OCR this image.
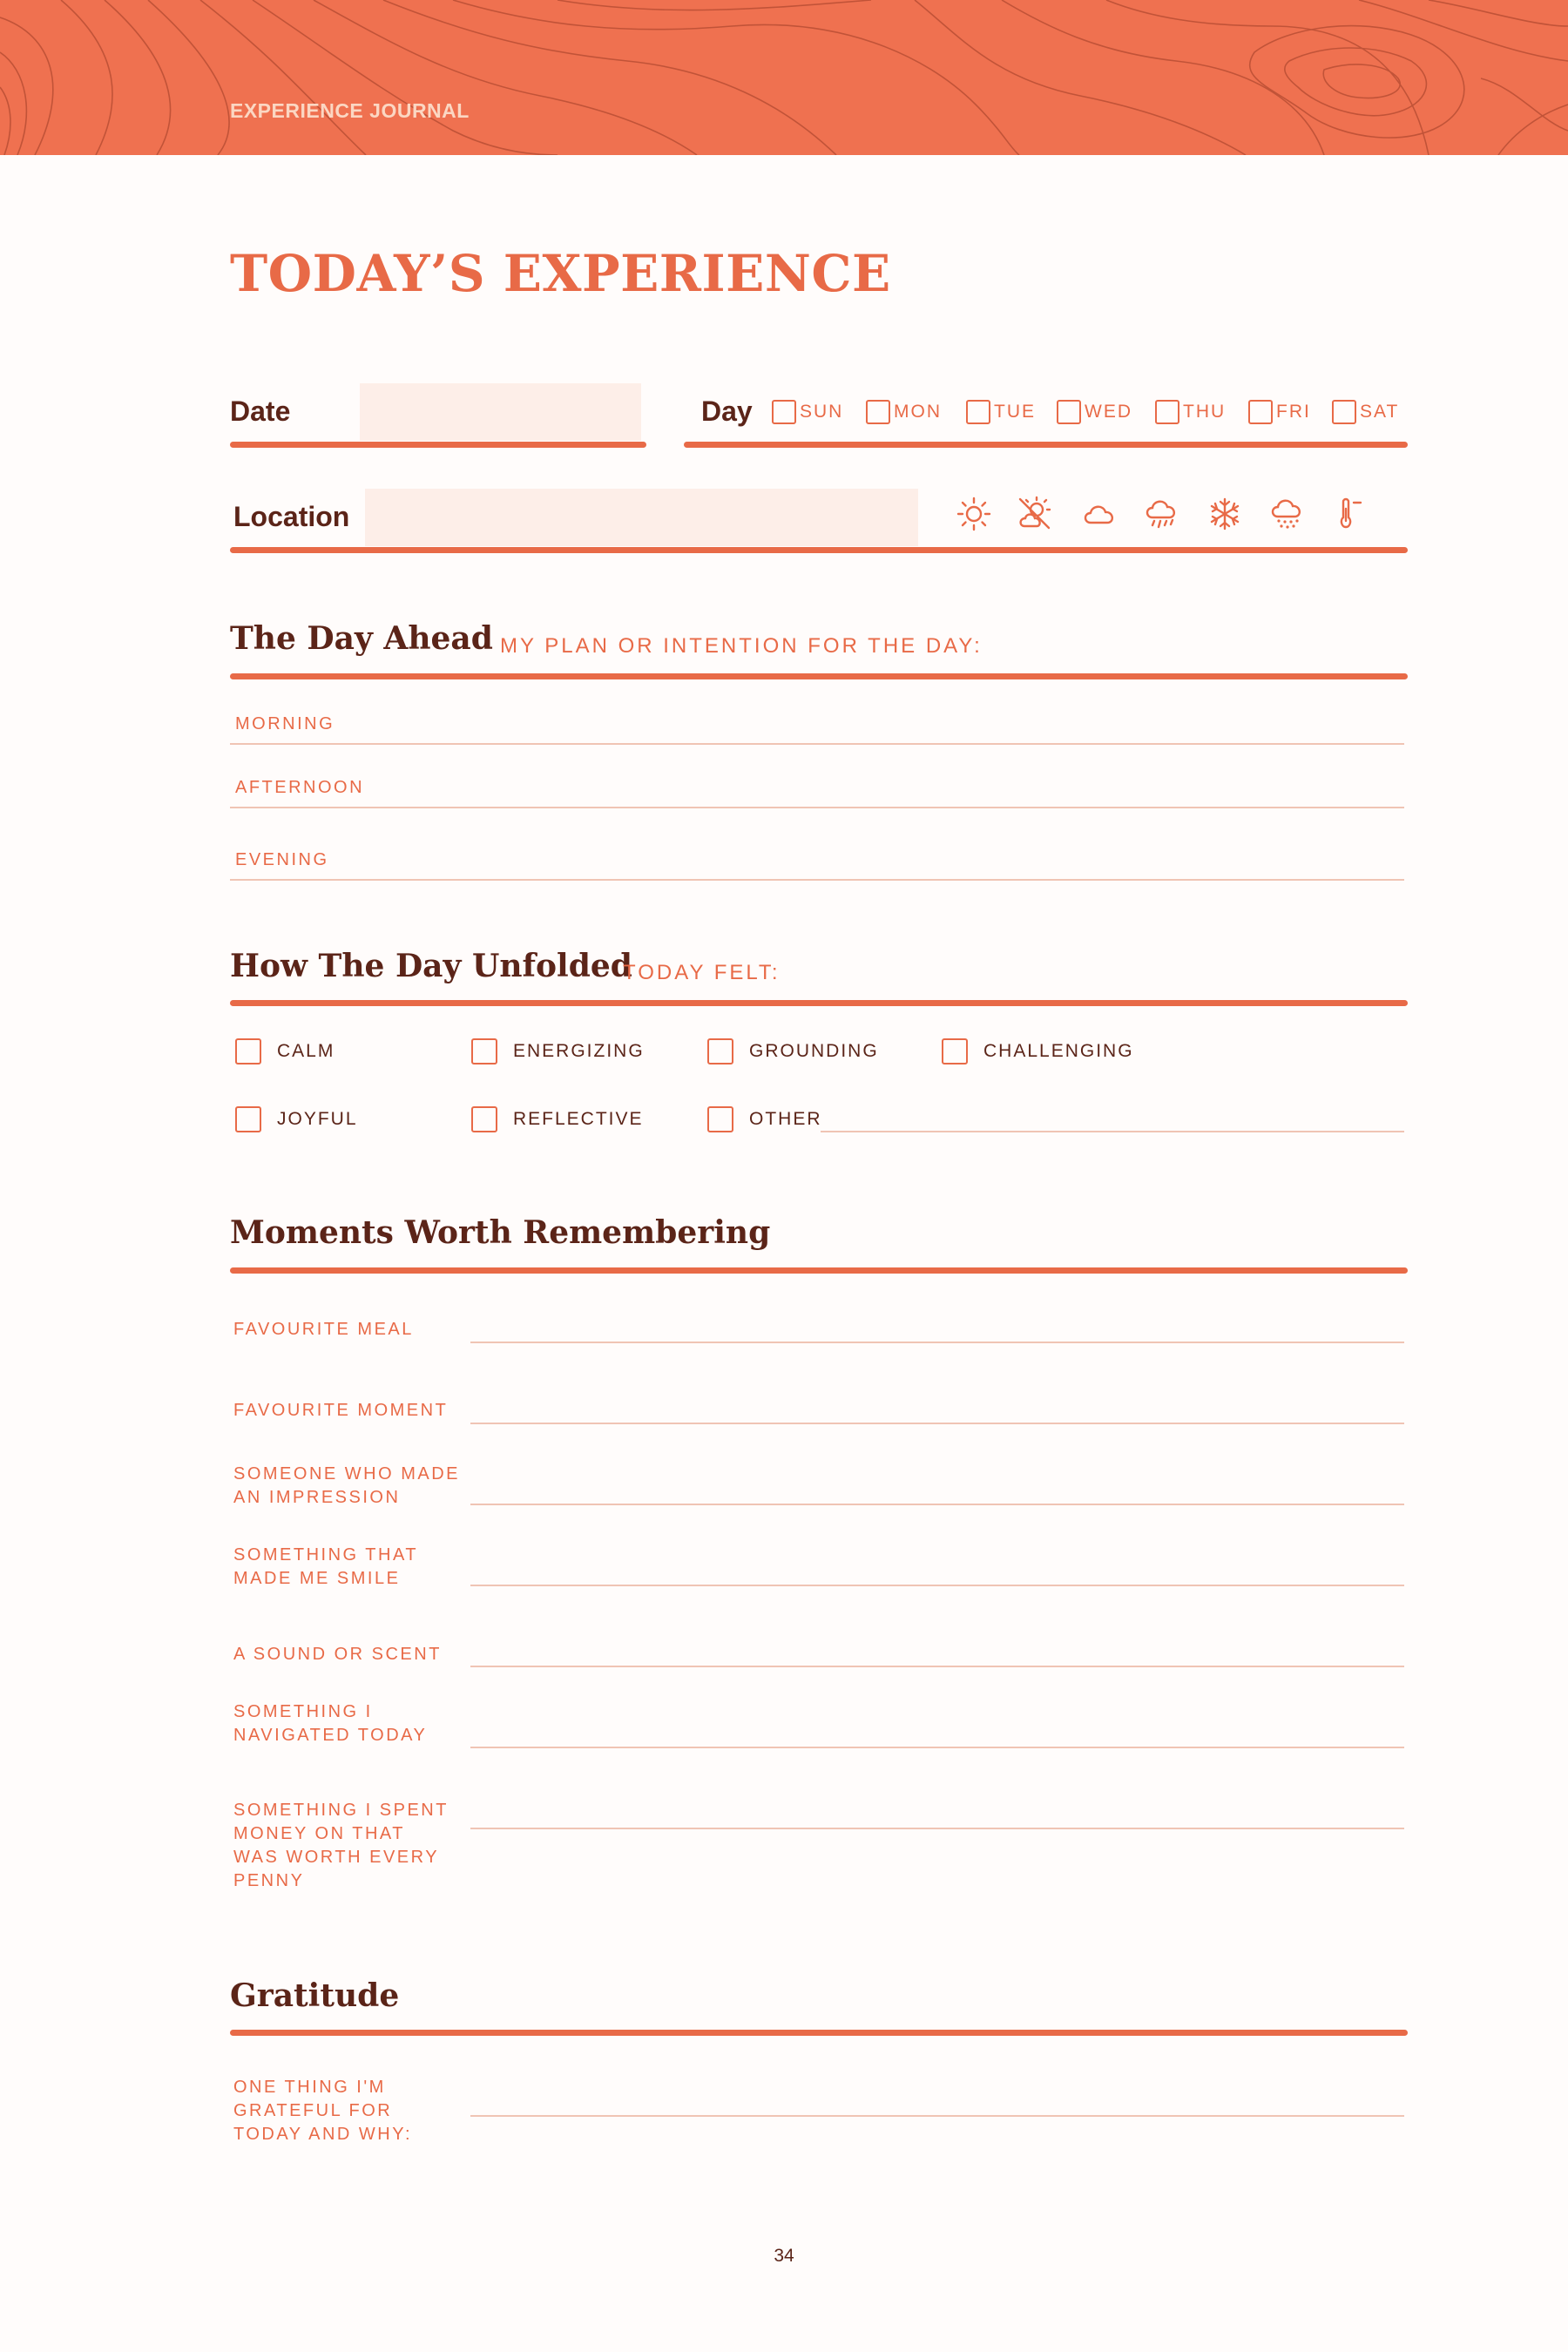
EXPERIENCE JOURNAL
TODAY’S EXPERIENCE
Date	Day	SUN	MON	TUE	WED	THU	FRI	SAT
Location
The Day Ahead MY PLAN OR INTENTION FOR THE DAY:
MORNING
AFTERNOON
EVENING
How The Day Unfolded
TODAY FELT:
CALM	ENERGIZING	GROUNDING	CHALLENGING
JOYFUL	REFLECTIVE	OTHER
Moments Worth Remembering
FAVOURITE MEAL
FAVOURITE MOMENT
SOMEONE WHO MADE
AN IMPRESSION
SOMETHING THAT
MADE ME SMILE
A SOUND OR SCENT
SOMETHING I
NAVIGATED TODAY
SOMETHING I SPENT
MONEY ON THAT
WAS WORTH EVERY
PENNY
Gratitude
ONE THING I'M
GRATEFUL FOR
TODAY AND WHY:
34
